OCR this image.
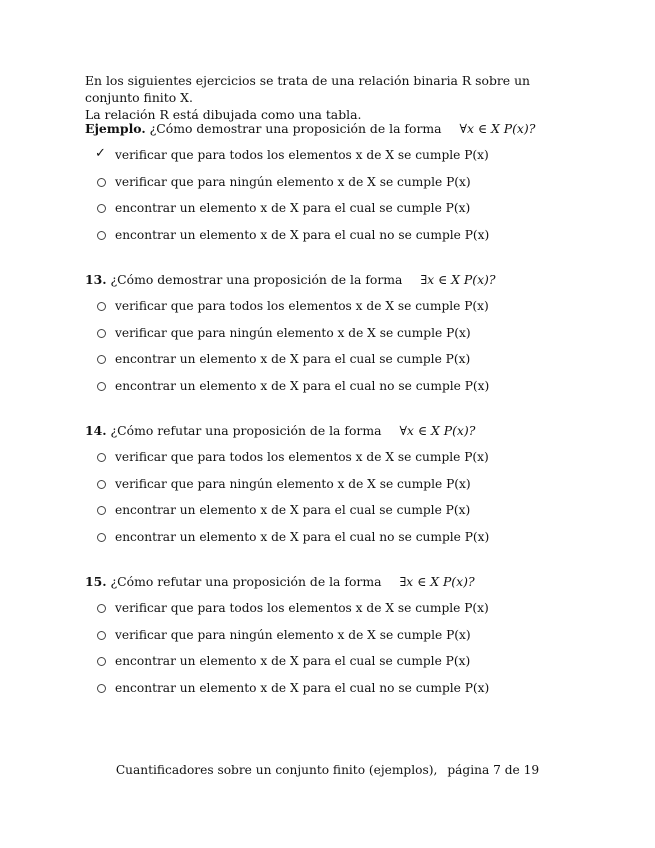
En los siguientes ejercicios se trata de una relación binaria R sobre un conjunto finito X.

La relación R está dibujada como una tabla.

Ejemplo. ¿Cómo demostrar una proposición de la forma ∀x ∈ X P(x)?

✓ verificar que para todos los elementos x de X se cumple P(x)
verificar que para ningún elemento x de X se cumple P(x)
encontrar un elemento x de X para el cual se cumple P(x)
encontrar un elemento x de X para el cual no se cumple P(x)

13. ¿Cómo demostrar una proposición de la forma ∃x ∈ X P(x)?

verificar que para todos los elementos x de X se cumple P(x)
verificar que para ningún elemento x de X se cumple P(x)
encontrar un elemento x de X para el cual se cumple P(x)
encontrar un elemento x de X para el cual no se cumple P(x)

14. ¿Cómo refutar una proposición de la forma ∀x ∈ X P(x)?

verificar que para todos los elementos x de X se cumple P(x)
verificar que para ningún elemento x de X se cumple P(x)
encontrar un elemento x de X para el cual se cumple P(x)
encontrar un elemento x de X para el cual no se cumple P(x)

15. ¿Cómo refutar una proposición de la forma ∃x ∈ X P(x)?

verificar que para todos los elementos x de X se cumple P(x)
verificar que para ningún elemento x de X se cumple P(x)
encontrar un elemento x de X para el cual se cumple P(x)
encontrar un elemento x de X para el cual no se cumple P(x)
Cuantificadores sobre un conjunto finito (ejemplos), página 7 de 19
